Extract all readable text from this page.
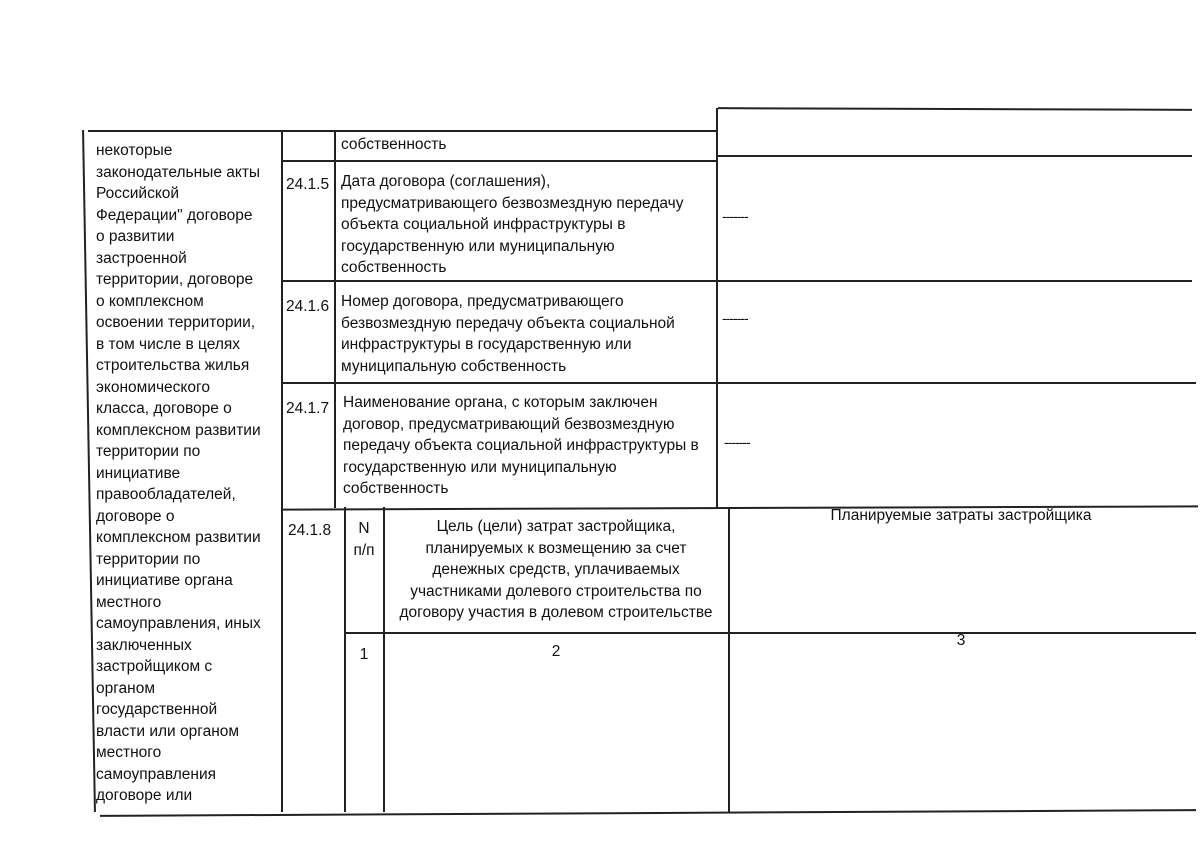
некоторые
законодательные акты
Российской
Федерации" договоре
о развитии
застроенной
территории, договоре
о комплексном
освоении территории,
в том числе в целях
строительства жилья
экономического
класса, договоре о
комплексном развитии
территории по
инициативе
правообладателей,
договоре о
комплексном развитии
территории по
инициативе органа
местного
самоуправления, иных
заключенных
застройщиком с
органом
государственной
власти или органом
местного
самоуправления
договоре или
собственность
24.1.5 Дата договора (соглашения),
предусматривающего безвозмездную передачу
объекта социальной инфраструктуры в
государственную или муниципальную
собственность
-------
24.1.6 Номер договора, предусматривающего
безвозмездную передачу объекта социальной
инфраструктуры в государственную или
муниципальную собственность
-------
24.1.7 Наименование органа, с которым заключен
договор, предусматривающий безвозмездную
передачу объекта социальной инфраструктуры в
государственную или муниципальную
собственность
-------
24.1.8	N
п/п
Цель (цели) затрат застройщика,
планируемых к возмещению за счет
денежных средств, уплачиваемых
участниками долевого строительства по
договору участия в долевом строительстве
Планируемые затраты застройщика
1	2
3
